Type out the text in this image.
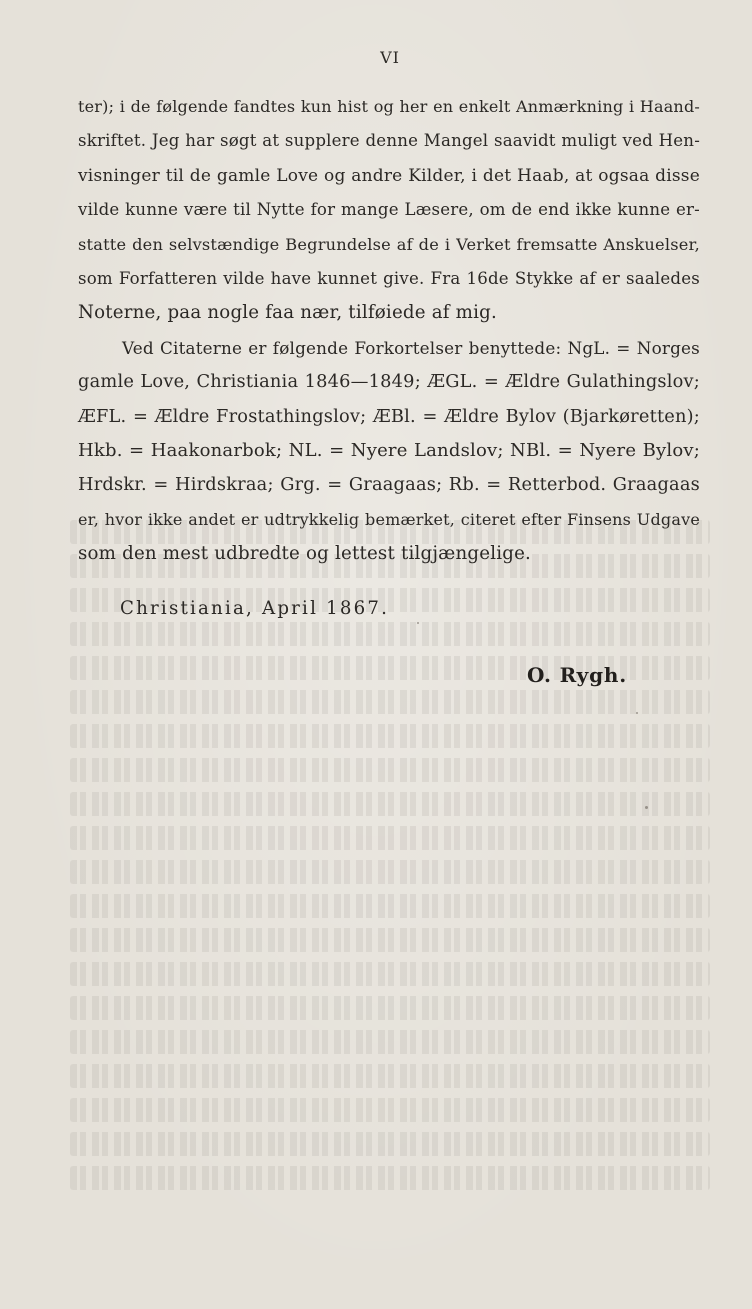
VI
ter); i de følgende fandtes kun hist og her en enkelt Anmærkning i Haand-
skriftet. Jeg har søgt at supplere denne Mangel saavidt muligt ved Hen-
visninger til de gamle Love og andre Kilder, i det Haab, at ogsaa disse
vilde kunne være til Nytte for mange Læsere, om de end ikke kunne er-
statte den selvstændige Begrundelse af de i Verket fremsatte Anskuelser,
som Forfatteren vilde have kunnet give. Fra 16de Stykke af er saaledes
Noterne, paa nogle faa nær, tilføiede af mig.
Ved Citaterne er følgende Forkortelser benyttede: NgL. = Norges
gamle Love, Christiania 1846—1849; ÆGL. = Ældre Gulathingslov;
ÆFL. = Ældre Frostathingslov; ÆBl. = Ældre Bylov (Bjarkøretten);
Hkb. = Haakonarbok; NL. = Nyere Landslov; NBl. = Nyere Bylov;
Hrdskr. = Hirdskraa; Grg. = Graagaas; Rb. = Retterbod. Graagaas
er, hvor ikke andet er udtrykkelig bemærket, citeret efter Finsens Udgave
som den mest udbredte og lettest tilgjængelige.
Christiania, April 1867.
O. Rygh.
